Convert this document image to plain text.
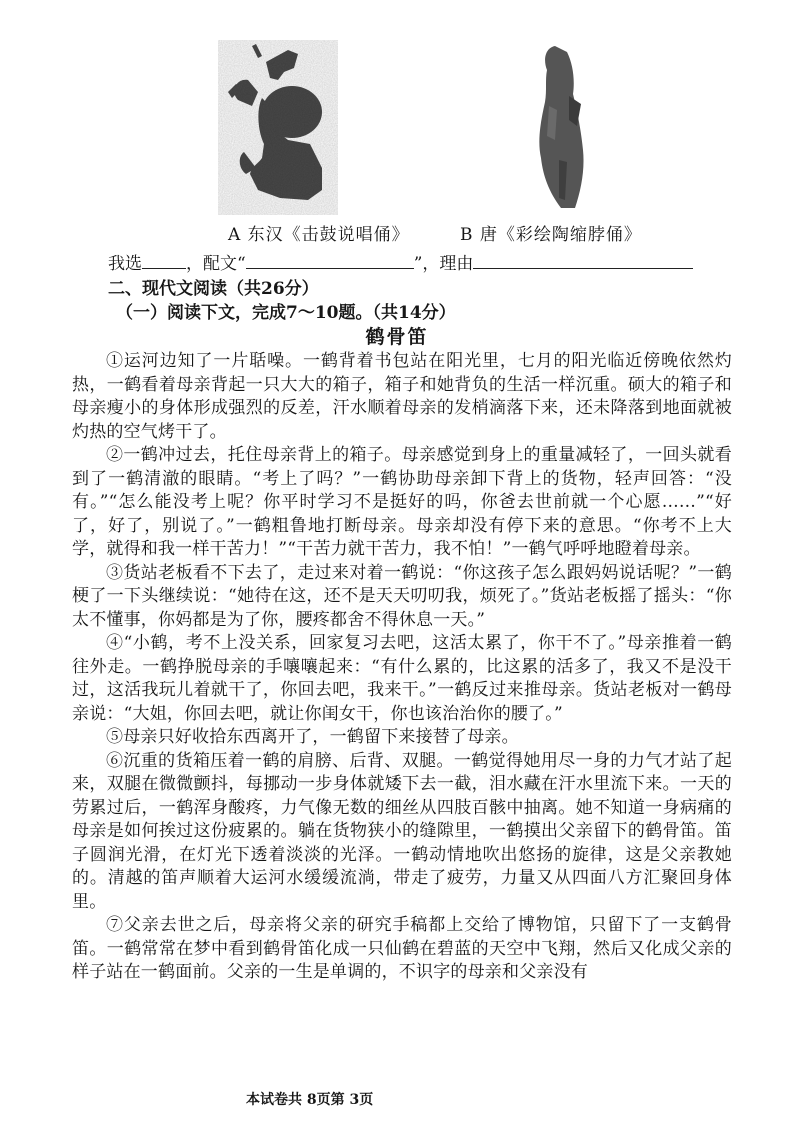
A 东汉《击鼓说唱俑》	B 唐《彩绘陶缩脖俑》
我选	，配文“	”，理由
二、现代文阅读（共26分）
（一）阅读下文，完成7～10题。（共14分）
鹤骨笛

①运河边知了一片聒噪。一鹤背着书包站在阳光里，七月的阳光临近傍晚依然灼热，一鹤看着母亲背起一只大大的箱子，箱子和她背负的生活一样沉重。硕大的箱子和母亲瘦小的身体形成强烈的反差，汗水顺着母亲的发梢滴落下来，还未降落到地面就被灼热的空气烤干了。

②一鹤冲过去，托住母亲背上的箱子。母亲感觉到身上的重量减轻了，一回头就看到了一鹤清澈的眼睛。“考上了吗？”一鹤协助母亲卸下背上的货物，轻声回答：“没有。”“怎么能没考上呢？你平时学习不是挺好的吗，你爸去世前就一个心愿……”“好了，好了，别说了。”一鹤粗鲁地打断母亲。母亲却没有停下来的意思。“你考不上大学，就得和我一样干苦力！”“干苦力就干苦力，我不怕！”一鹤气呼呼地瞪着母亲。

③货站老板看不下去了，走过来对着一鹤说：“你这孩子怎么跟妈妈说话呢？”一鹤梗了一下头继续说：“她待在这，还不是天天叨叨我，烦死了。”货站老板摇了摇头：“你太不懂事，你妈都是为了你，腰疼都舍不得休息一天。”

④“小鹤，考不上没关系，回家复习去吧，这活太累了，你干不了。”母亲推着一鹤往外走。一鹤挣脱母亲的手嚷嚷起来：“有什么累的，比这累的活多了，我又不是没干过，这活我玩儿着就干了，你回去吧，我来干。”一鹤反过来推母亲。货站老板对一鹤母亲说：“大姐，你回去吧，就让你闺女干，你也该治治你的腰了。”

⑤母亲只好收拾东西离开了，一鹤留下来接替了母亲。

⑥沉重的货箱压着一鹤的肩膀、后背、双腿。一鹤觉得她用尽一身的力气才站了起来，双腿在微微颤抖，每挪动一步身体就矮下去一截，泪水藏在汗水里流下来。一天的劳累过后，一鹤浑身酸疼，力气像无数的细丝从四肢百骸中抽离。她不知道一身病痛的母亲是如何挨过这份疲累的。躺在货物狭小的缝隙里，一鹤摸出父亲留下的鹤骨笛。笛子圆润光滑，在灯光下透着淡淡的光泽。一鹤动情地吹出悠扬的旋律，这是父亲教她的。清越的笛声顺着大运河水缓缓流淌，带走了疲劳，力量又从四面八方汇聚回身体里。

⑦父亲去世之后，母亲将父亲的研究手稿都上交给了博物馆，只留下了一支鹤骨笛。一鹤常常在梦中看到鹤骨笛化成一只仙鹤在碧蓝的天空中飞翔，然后又化成父亲的样子站在一鹤面前。父亲的一生是单调的，不识字的母亲和父亲没有

本试卷共 8页第 3页
